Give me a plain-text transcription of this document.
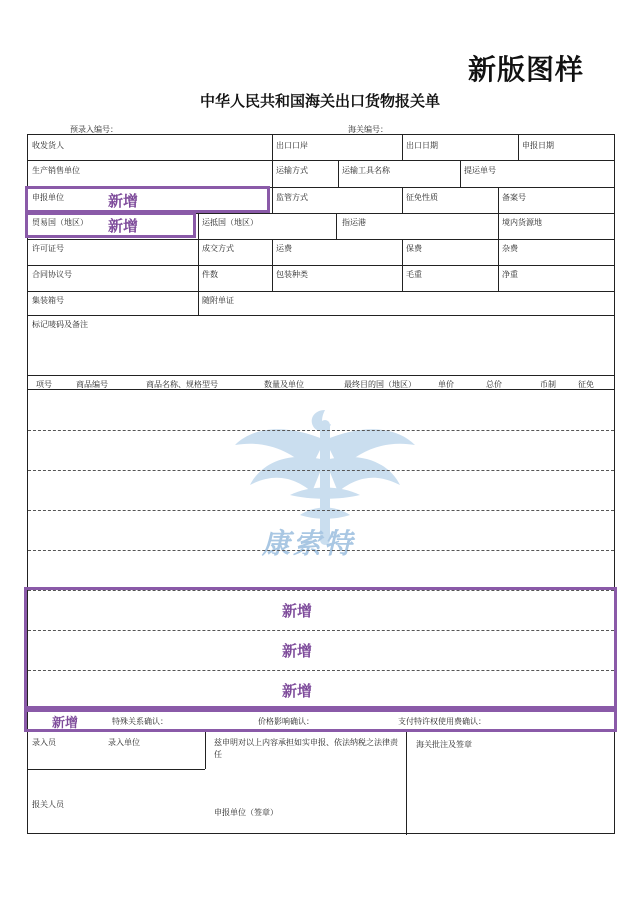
新版图样
中华人民共和国海关出口货物报关单
预录入编号：	海关编号：
康索特
收发货人	出口口岸	出口日期	申报日期
生产销售单位	运输方式	运输工具名称	提运单号
申报单位	监管方式	征免性质	备案号
贸易国（地区）	运抵国（地区）	指运港	境内货源地
许可证号	成交方式	运费	保费	杂费
合同协议号	件数	包装种类	毛重	净重
集装箱号	随附单证
标记唛码及备注
项号	商品编号	商品名称、规格型号	数量及单位	最终目的国（地区）	单价	总价	币制	征免
特殊关系确认：	价格影响确认：	支付特许权使用费确认：
录入员	录入单位	兹申明对以上内容承担如实申报、依法纳税之法律责任
海关批注及签章
报关人员
申报单位（签章）
新增
新增
新增
新增
新增
新增
